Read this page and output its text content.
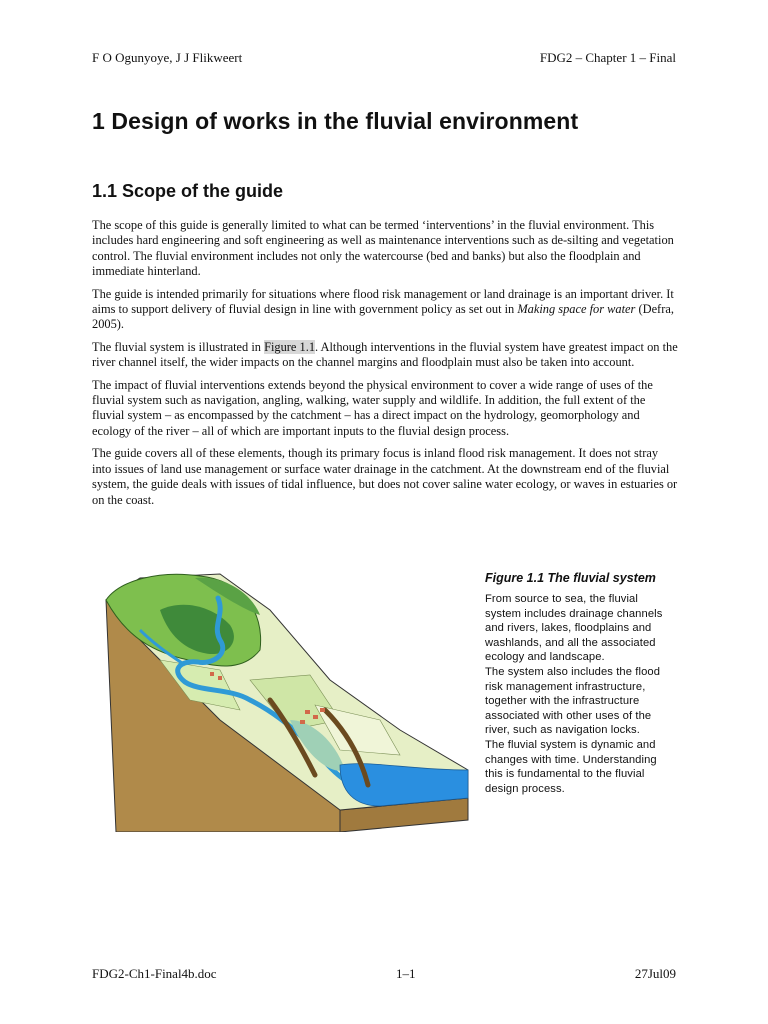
F O Ogunyoye, J J Flikweert	FDG2 – Chapter 1 – Final
1 Design of works in the fluvial environment
1.1 Scope of the guide

The scope of this guide is generally limited to what can be termed ‘interventions’ in the fluvial environment. This includes hard engineering and soft engineering as well as maintenance interventions such as de-silting and vegetation control. The fluvial environment includes not only the watercourse (bed and banks) but also the floodplain and immediate hinterland.

The guide is intended primarily for situations where flood risk management or land drainage is an important driver. It aims to support delivery of fluvial design in line with government policy as set out in Making space for water (Defra, 2005).

The fluvial system is illustrated in Figure 1.1. Although interventions in the fluvial system have greatest impact on the river channel itself, the wider impacts on the channel margins and floodplain must also be taken into account.

The impact of fluvial interventions extends beyond the physical environment to cover a wide range of uses of the fluvial system such as navigation, angling, walking, water supply and wildlife. In addition, the full extent of the fluvial system – as encompassed by the catchment – has a direct impact on the hydrology, geomorphology and ecology of the river – all of which are important inputs to the fluvial design process.

The guide covers all of these elements, though its primary focus is inland flood risk management. It does not stray into issues of land use management or surface water drainage in the catchment. At the downstream end of the fluvial system, the guide deals with issues of tidal influence, but does not cover saline water ecology, or waves in estuaries or on the coast.

Figure 1.1 The fluvial system

From source to sea, the fluvial system includes drainage channels and rivers, lakes, floodplains and washlands, and all the associated ecology and landscape.

The system also includes the flood risk management infrastructure, together with the infrastructure associated with other uses of the river, such as navigation locks.

The fluvial system is dynamic and changes with time. Understanding this is fundamental to the fluvial design process.

FDG2-Ch1-Final4b.doc	1–1	27Jul09
